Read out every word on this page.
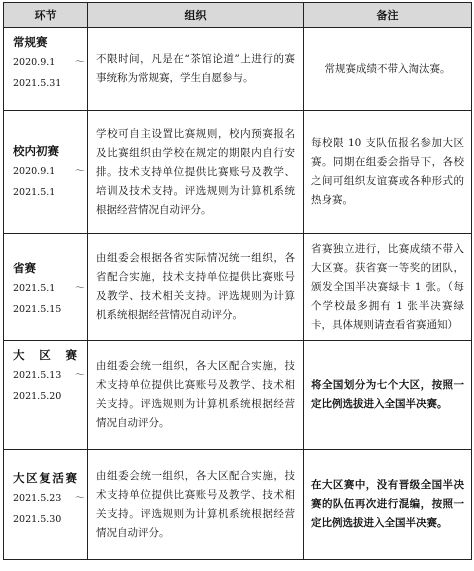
环节	组织	备注

常规赛
2020.9.1 ～
2021.5.31	不限时间，凡是在“茶馆论道”上进行的赛事统称为常规赛，学生自愿参与。	常规赛成绩不带入淘汰赛。

校内初赛
2020.9.1 ～
2021.5.1	学校可自主设置比赛规则，校内预赛报名及比赛组织由学校在规定的期限内自行安排。技术支持单位提供比赛账号及教学、培训及技术支持。评选规则为计算机系统根据经营情况自动评分。	每校限 10 支队伍报名参加大区赛。同期在组委会指导下，各校之间可组织友谊赛或各种形式的热身赛。

省赛
2021.5.1 ～
2021.5.15	由组委会根据各省实际情况统一组织，各省配合实施，技术支持单位提供比赛账号及教学、技术相关支持。评选规则为计算机系统根据经营情况自动评分。	省赛独立进行，比赛成绩不带入大区赛。获省赛一等奖的团队，颁发全国半决赛绿卡 1 张。（每个学校最多拥有 1 张半决赛绿卡，具体规则请查看省赛通知）

大区赛
2021.5.13 ～
2021.5.20	由组委会统一组织，各大区配合实施，技术支持单位提供比赛账号及教学、技术相关支持。评选规则为计算机系统根据经营情况自动评分。	将全国划分为七个大区，按照一定比例选拔进入全国半决赛。

大区复活赛
2021.5.23 ～
2021.5.30	由组委会统一组织，各大区配合实施，技术支持单位提供比赛账号及教学、技术相关支持。评选规则为计算机系统根据经营情况自动评分。	在大区赛中，没有晋级全国半决赛的队伍再次进行混编，按照一定比例选拔进入全国半决赛。
